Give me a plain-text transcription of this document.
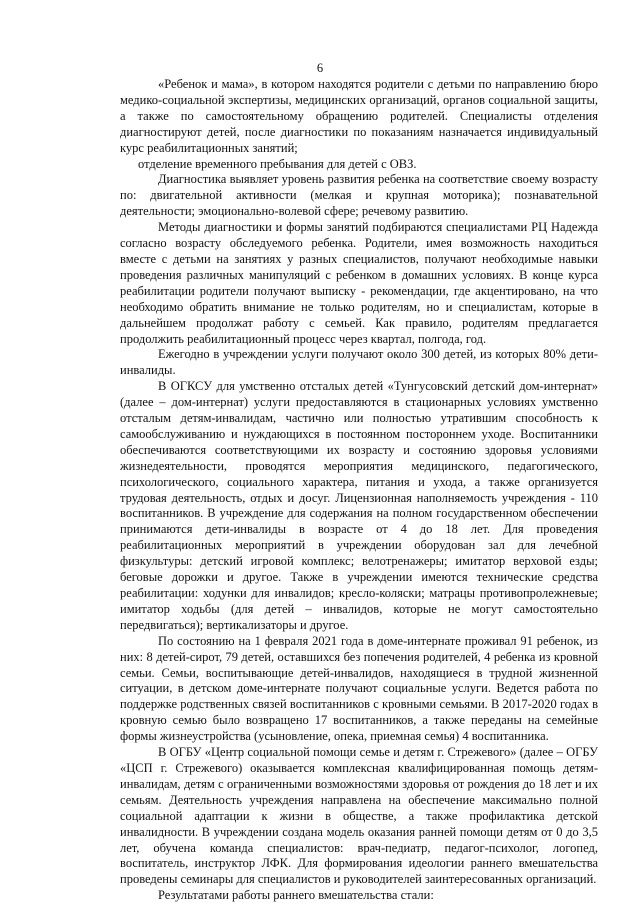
6

«Ребенок и мама», в котором находятся родители с детьми по направлению бюро медико-социальной экспертизы, медицинских организаций, органов социальной защиты, а также по самостоятельному обращению родителей. Специалисты отделения диагностируют детей, после диагностики по показаниям назначается индивидуальный курс реабилитационных занятий;

отделение временного пребывания для детей с ОВЗ.

Диагностика выявляет уровень развития ребенка на соответствие своему возрасту по: двигательной активности (мелкая и крупная моторика); познавательной деятельности; эмоционально-волевой сфере; речевому развитию.

Методы диагностики и формы занятий подбираются специалистами РЦ Надежда согласно возрасту обследуемого ребенка. Родители, имея возможность находиться вместе с детьми на занятиях у разных специалистов, получают необходимые навыки проведения различных манипуляций с ребенком в домашних условиях. В конце курса реабилитации родители получают выписку - рекомендации, где акцентировано, на что необходимо обратить внимание не только родителям, но и специалистам, которые в дальнейшем продолжат работу с семьей. Как правило, родителям предлагается продолжить реабилитационный процесс через квартал, полгода, год.

Ежегодно в учреждении услуги получают около 300 детей, из которых 80% дети-инвалиды.

В ОГКСУ для умственно отсталых детей «Тунгусовский детский дом-интернат» (далее – дом-интернат) услуги предоставляются в стационарных условиях умственно отсталым детям-инвалидам, частично или полностью утратившим способность к самообслуживанию и нуждающихся в постоянном постороннем уходе. Воспитанники обеспечиваются соответствующими их возрасту и состоянию здоровья условиями жизнедеятельности, проводятся мероприятия медицинского, педагогического, психологического, социального характера, питания и ухода, а также организуется трудовая деятельность, отдых и досуг. Лицензионная наполняемость учреждения - 110 воспитанников. В учреждение для содержания на полном государственном обеспечении принимаются дети-инвалиды в возрасте от 4 до 18 лет. Для проведения реабилитационных мероприятий в учреждении оборудован зал для лечебной физкультуры: детский игровой комплекс; велотренажеры; имитатор верховой езды; беговые дорожки и другое. Также в учреждении имеются технические средства реабилитации: ходунки для инвалидов; кресло-коляски; матрацы противопролежневые; имитатор ходьбы (для детей – инвалидов, которые не могут самостоятельно передвигаться); вертикализаторы и другое.

По состоянию на 1 февраля 2021 года в доме-интернате проживал 91 ребенок, из них: 8 детей-сирот, 79 детей, оставшихся без попечения родителей, 4 ребенка из кровной семьи. Семьи, воспитывающие детей-инвалидов, находящиеся в трудной жизненной ситуации, в детском доме-интернате получают социальные услуги. Ведется работа по поддержке родственных связей воспитанников с кровными семьями. В 2017-2020 годах в кровную семью было возвращено 17 воспитанников, а также переданы на семейные формы жизнеустройства (усыновление, опека, приемная семья) 4 воспитанника.

В ОГБУ «Центр социальной помощи семье и детям г. Стрежевого» (далее – ОГБУ «ЦСП г. Стрежевого) оказывается комплексная квалифицированная помощь детям-инвалидам, детям с ограниченными возможностями здоровья от рождения до 18 лет и их семьям. Деятельность учреждения направлена на обеспечение максимально полной социальной адаптации к жизни в обществе, а также профилактика детской инвалидности. В учреждении создана модель оказания ранней помощи детям от 0 до 3,5 лет, обучена команда специалистов: врач-педиатр, педагог-психолог, логопед, воспитатель, инструктор ЛФК. Для формирования идеологии раннего вмешательства проведены семинары для специалистов и руководителей заинтересованных организаций.

Результатами работы раннего вмешательства стали:
